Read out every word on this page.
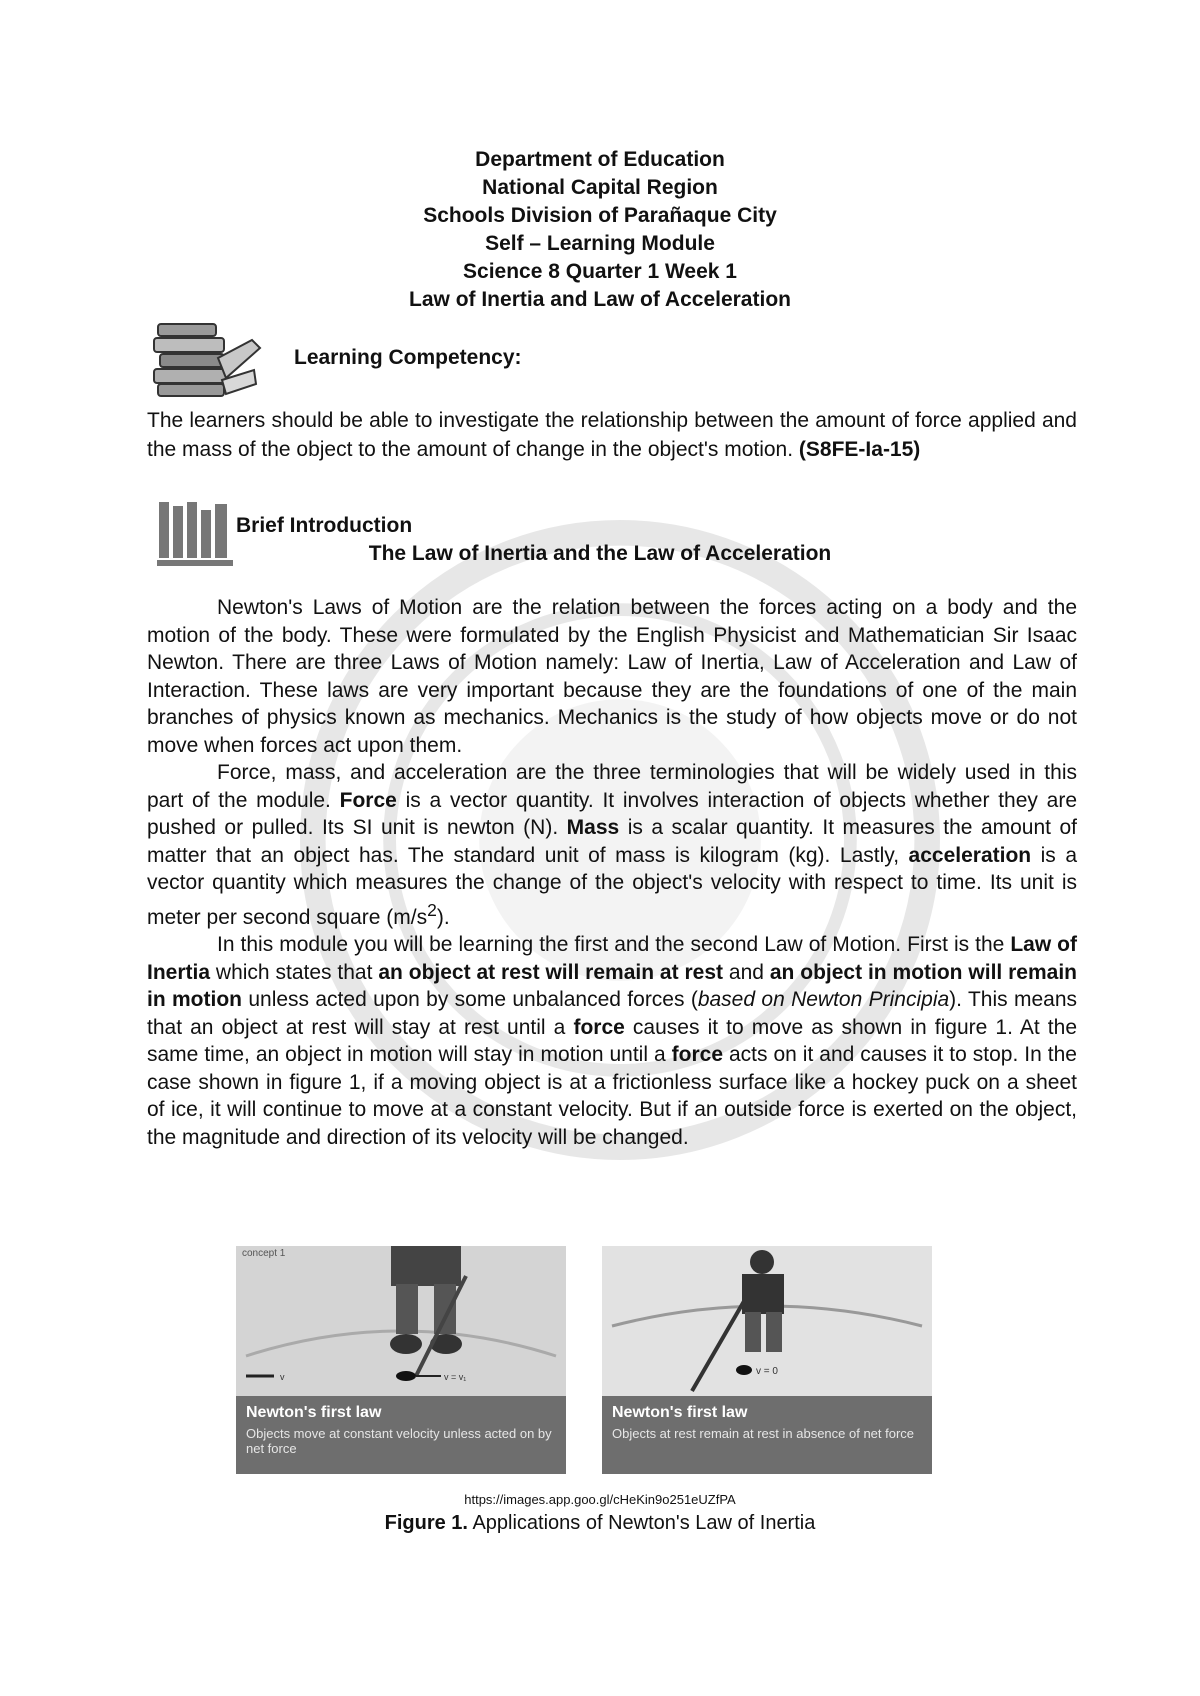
Department of Education
National Capital Region
Schools Division of Parañaque City
Self – Learning Module
Science 8 Quarter 1 Week 1
Law of Inertia and Law of Acceleration
Learning Competency:
The learners should be able to investigate the relationship between the amount of force applied and the mass of the object to the amount of change in the object's motion. (S8FE-Ia-15)
Brief Introduction
The Law of Inertia and the Law of Acceleration

Newton's Laws of Motion are the relation between the forces acting on a body and the motion of the body. These were formulated by the English Physicist and Mathematician Sir Isaac Newton. There are three Laws of Motion namely: Law of Inertia, Law of Acceleration and Law of Interaction. These laws are very important because they are the foundations of one of the main branches of physics known as mechanics. Mechanics is the study of how objects move or do not move when forces act upon them.

Force, mass, and acceleration are the three terminologies that will be widely used in this part of the module. Force is a vector quantity. It involves interaction of objects whether they are pushed or pulled. Its SI unit is newton (N). Mass is a scalar quantity. It measures the amount of matter that an object has. The standard unit of mass is kilogram (kg). Lastly, acceleration is a vector quantity which measures the change of the object's velocity with respect to time. Its unit is meter per second square $(m/s^2)$.

In this module you will be learning the first and the second Law of Motion. First is the Law of Inertia which states that an object at rest will remain at rest and an object in motion will remain in motion unless acted upon by some unbalanced forces (based on Newton Principia). This means that an object at rest will stay at rest until a force causes it to move as shown in figure 1. At the same time, an object in motion will stay in motion until a force acts on it and causes it to stop. In the case shown in figure 1, if a moving object is at a frictionless surface like a hockey puck on a sheet of ice, it will continue to move at a constant velocity. But if an outside force is exerted on the object, the magnitude and direction of its velocity will be changed.

concept 1
v	v = v₁
Newton's first law
Objects move at constant velocity unless acted on by net force
v = 0
Newton's first law
Objects at rest remain at rest in absence of net force
https://images.app.goo.gl/cHeKin9o251eUZfPA
Figure 1. Applications of Newton's Law of Inertia
